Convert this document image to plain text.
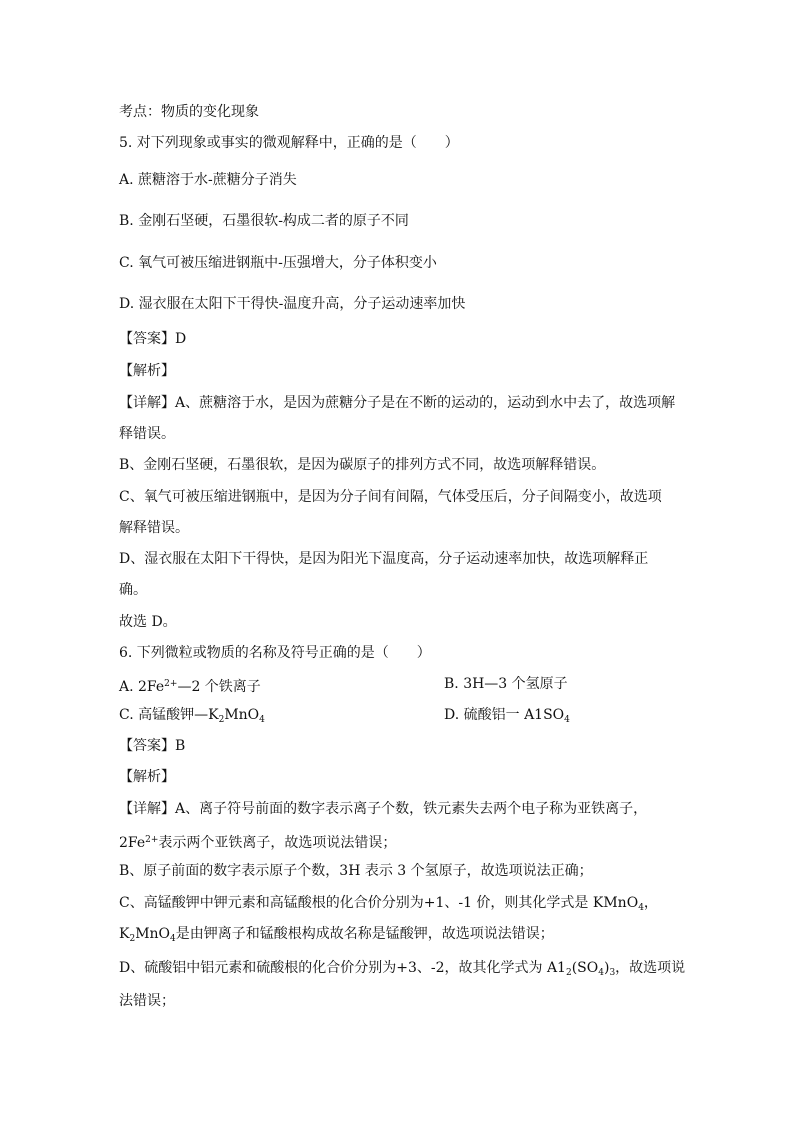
考点：物质的变化现象
5. 对下列现象或事实的微观解释中，正确的是（　　）
A. 蔗糖溶于水-蔗糖分子消失
B. 金刚石坚硬，石墨很软-构成二者的原子不同
C. 氧气可被压缩进钢瓶中-压强增大，分子体积变小
D. 湿衣服在太阳下干得快-温度升高，分子运动速率加快
【答案】D
【解析】
【详解】A、蔗糖溶于水，是因为蔗糖分子是在不断的运动的，运动到水中去了，故选项解
释错误。
B、金刚石坚硬，石墨很软，是因为碳原子的排列方式不同，故选项解释错误。
C、氧气可被压缩进钢瓶中，是因为分子间有间隔，气体受压后，分子间隔变小，故选项
解释错误。
D、湿衣服在太阳下干得快，是因为阳光下温度高，分子运动速率加快，故选项解释正
确。
故选 D。
6. 下列微粒或物质的名称及符号正确的是（　　）
A. $2Fe^{2+}—2$ 个铁离子	B. 3H—3 个氢原子
C. 高锰酸钾$—K_2MnO_4$	D. 硫酸铝一 $A1SO_4$
【答案】B
【解析】
【详解】A、离子符号前面的数字表示离子个数，铁元素失去两个电子称为亚铁离子，
$2Fe^{2+}$表示两个亚铁离子，故选项说法错误；
B、原子前面的数字表示原子个数，3H 表示 3 个氢原子，故选项说法正确；
C、高锰酸钾中钾元素和高锰酸根的化合价分别为+1、-1 价，则其化学式是 KMnO$_4$，
$K_2MnO_4$是由钾离子和锰酸根构成故名称是锰酸钾，故选项说法错误；
D、硫酸铝中铝元素和硫酸根的化合价分别为+3、-2，故其化学式为 $A1_2(SO_4)_3$，故选项说
法错误；
